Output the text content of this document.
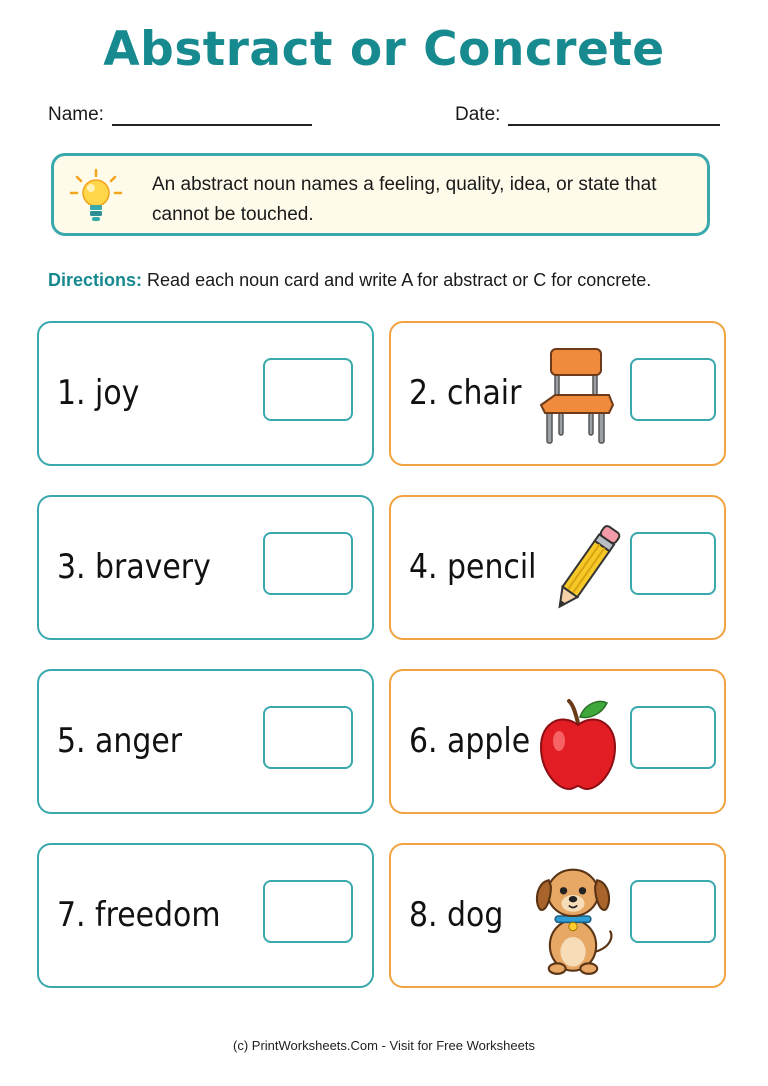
Abstract or Concrete
Name:	Date:
An abstract noun names a feeling, quality, idea, or state that cannot be touched.
Directions: Read each noun card and write A for abstract or C for concrete.
1. joy	2. chair
3. bravery	4. pencil
5. anger	6. apple
7. freedom	8. dog
(c) PrintWorksheets.Com - Visit for Free Worksheets
